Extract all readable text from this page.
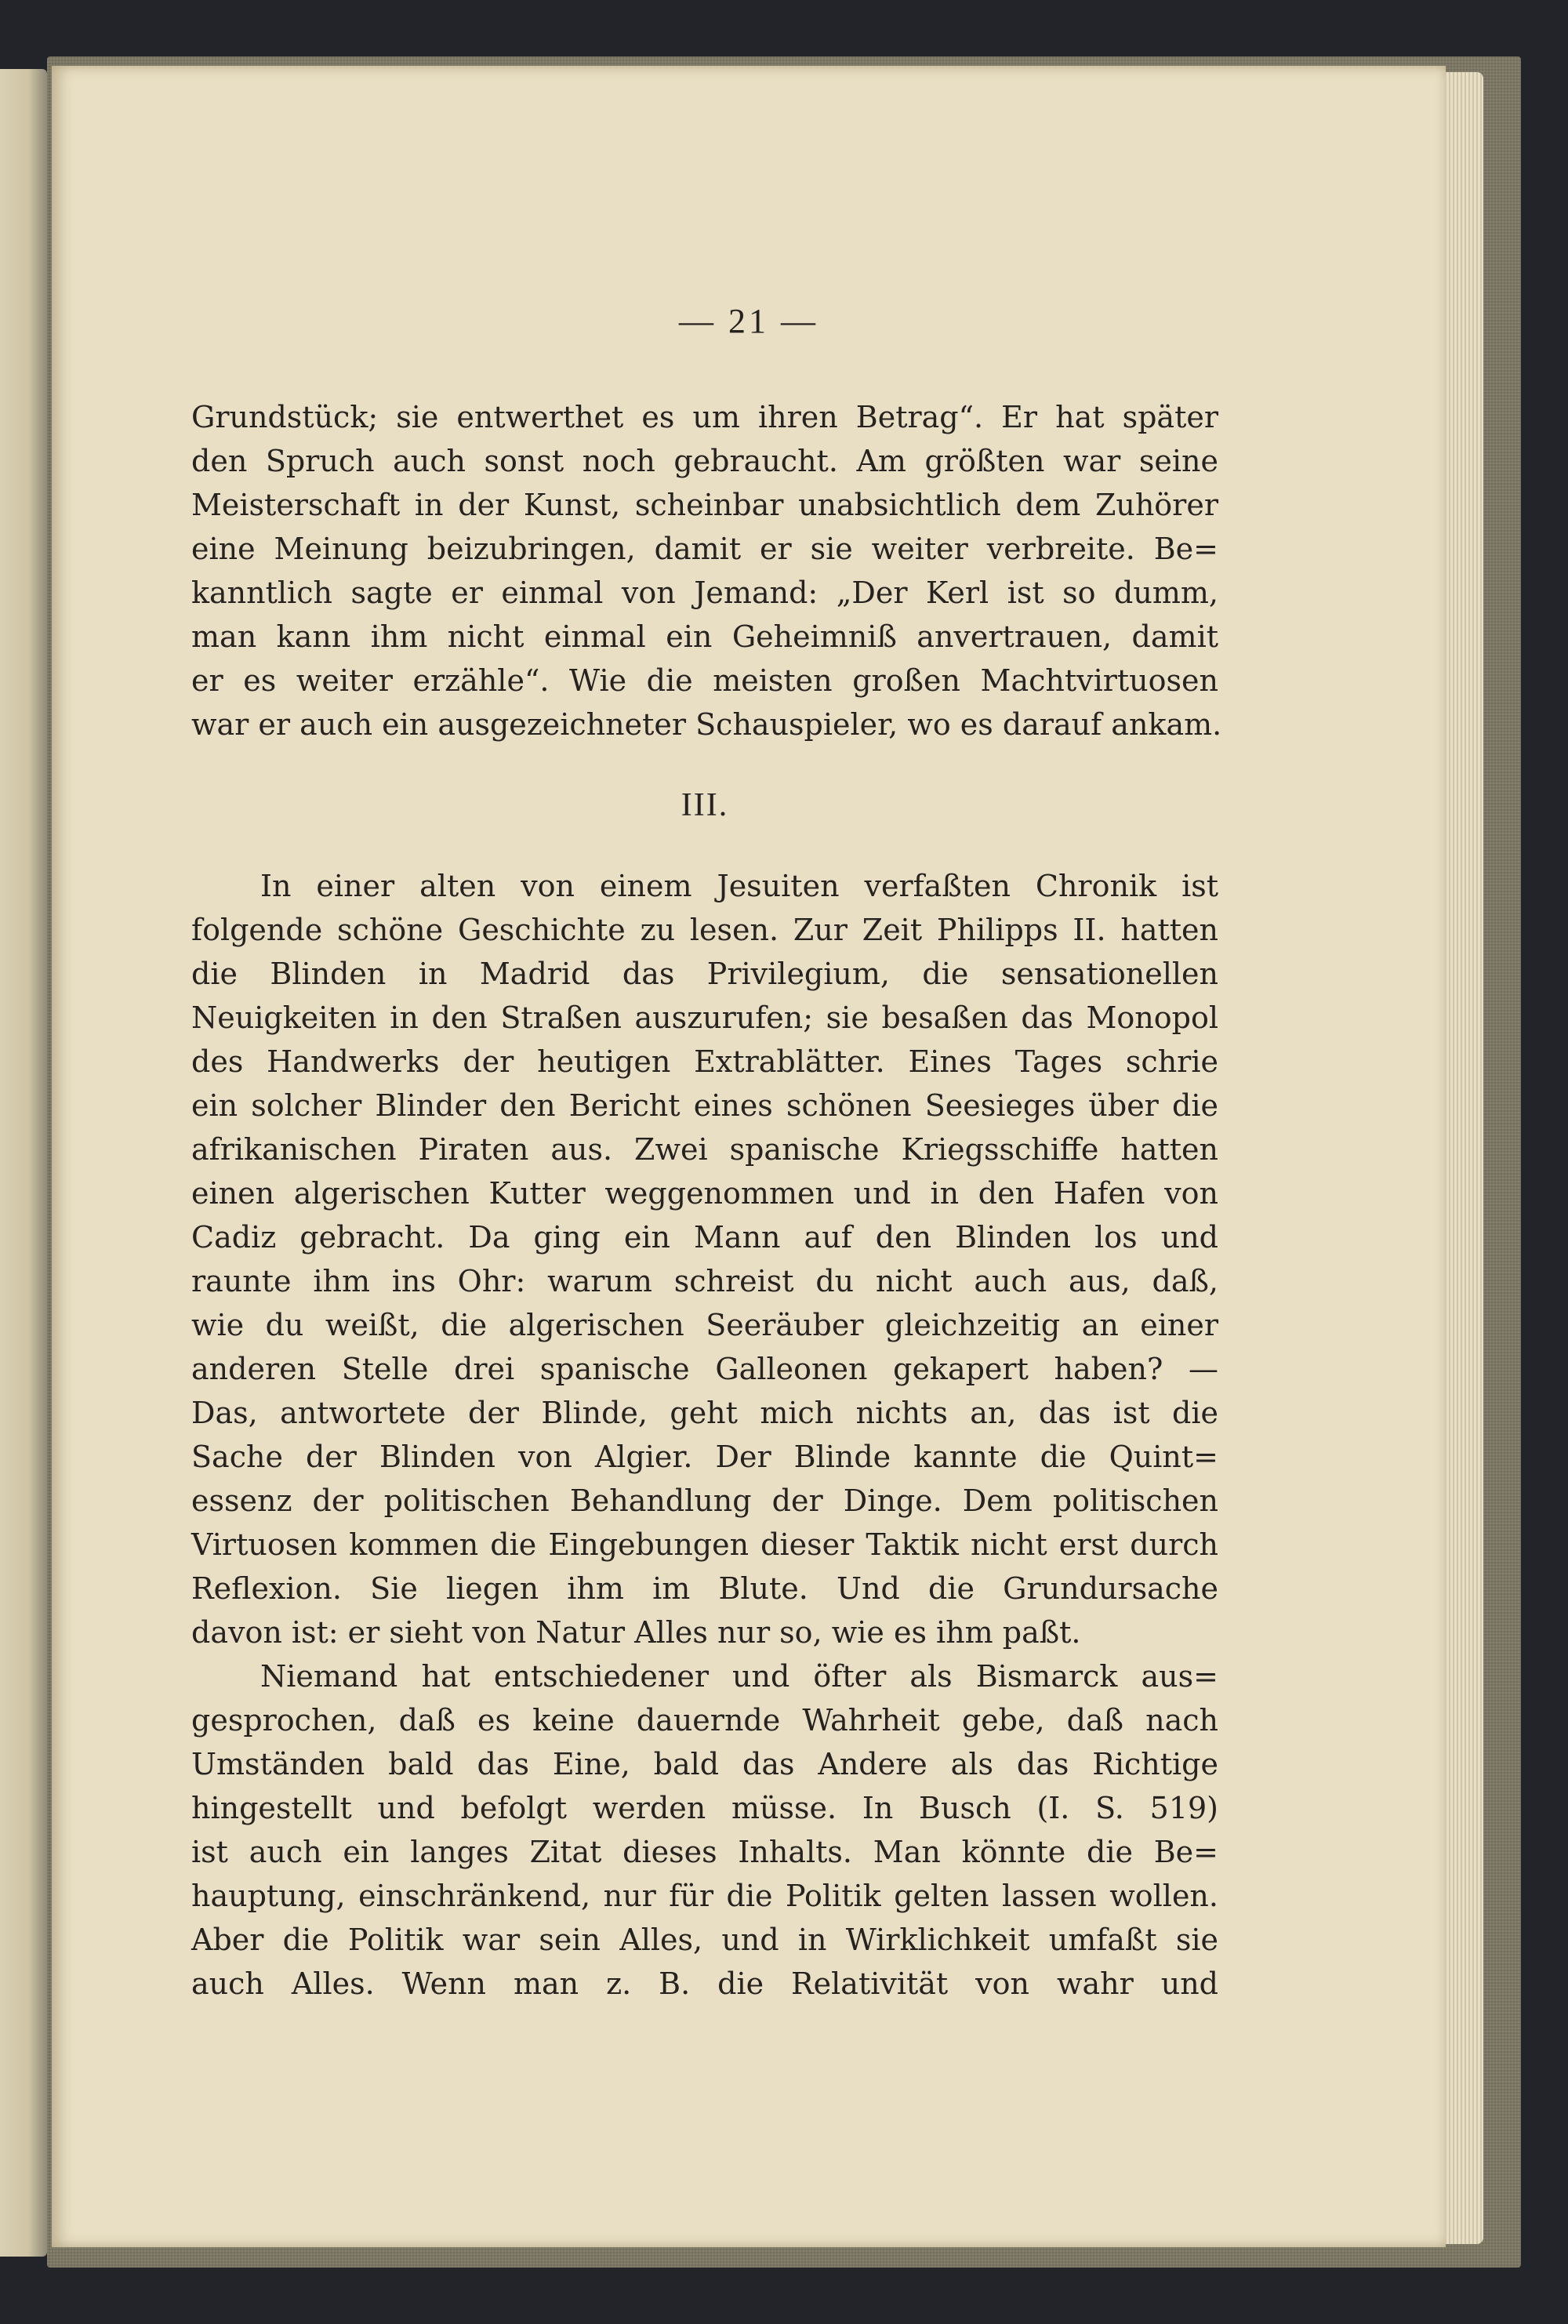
— 21 —
Grundstück; sie entwerthet es um ihren Betrag“. Er hat später
den Spruch auch sonst noch gebraucht. Am größten war seine
Meisterschaft in der Kunst, scheinbar unabsichtlich dem Zuhörer
eine Meinung beizubringen, damit er sie weiter verbreite. Be=
kanntlich sagte er einmal von Jemand: „Der Kerl ist so dumm,
man kann ihm nicht einmal ein Geheimniß anvertrauen, damit
er es weiter erzähle“. Wie die meisten großen Machtvirtuosen
war er auch ein ausgezeichneter Schauspieler, wo es darauf ankam.
III.
In einer alten von einem Jesuiten verfaßten Chronik ist
folgende schöne Geschichte zu lesen. Zur Zeit Philipps II. hatten
die Blinden in Madrid das Privilegium, die sensationellen
Neuigkeiten in den Straßen auszurufen; sie besaßen das Monopol
des Handwerks der heutigen Extrablätter. Eines Tages schrie
ein solcher Blinder den Bericht eines schönen Seesieges über die
afrikanischen Piraten aus. Zwei spanische Kriegsschiffe hatten
einen algerischen Kutter weggenommen und in den Hafen von
Cadiz gebracht. Da ging ein Mann auf den Blinden los und
raunte ihm ins Ohr: warum schreist du nicht auch aus, daß,
wie du weißt, die algerischen Seeräuber gleichzeitig an einer
anderen Stelle drei spanische Galleonen gekapert haben? —
Das, antwortete der Blinde, geht mich nichts an, das ist die
Sache der Blinden von Algier. Der Blinde kannte die Quint=
essenz der politischen Behandlung der Dinge. Dem politischen
Virtuosen kommen die Eingebungen dieser Taktik nicht erst durch
Reflexion. Sie liegen ihm im Blute. Und die Grundursache
davon ist: er sieht von Natur Alles nur so, wie es ihm paßt.
Niemand hat entschiedener und öfter als Bismarck aus=
gesprochen, daß es keine dauernde Wahrheit gebe, daß nach
Umständen bald das Eine, bald das Andere als das Richtige
hingestellt und befolgt werden müsse. In Busch (I. S. 519)
ist auch ein langes Zitat dieses Inhalts. Man könnte die Be=
hauptung, einschränkend, nur für die Politik gelten lassen wollen.
Aber die Politik war sein Alles, und in Wirklichkeit umfaßt sie
auch Alles. Wenn man z. B. die Relativität von wahr und
